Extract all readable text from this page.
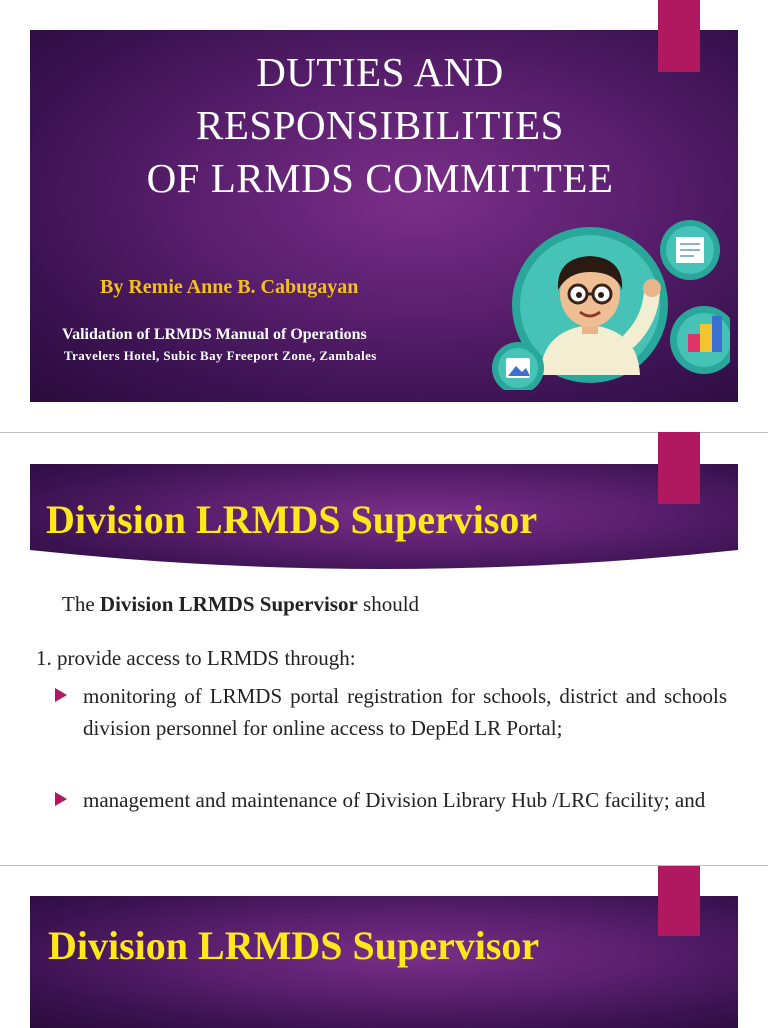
DUTIES AND
RESPONSIBILITIES
OF LRMDS COMMITTEE
By Remie Anne B. Cabugayan
Validation of LRMDS Manual of Operations
Travelers Hotel, Subic Bay Freeport Zone, Zambales
Division LRMDS Supervisor
The Division LRMDS Supervisor should
1. provide access to LRMDS through:
monitoring of LRMDS portal registration for schools, district and schools division personnel for online access to DepEd LR Portal;
management and maintenance of Division Library Hub /LRC facility; and
Division LRMDS Supervisor
